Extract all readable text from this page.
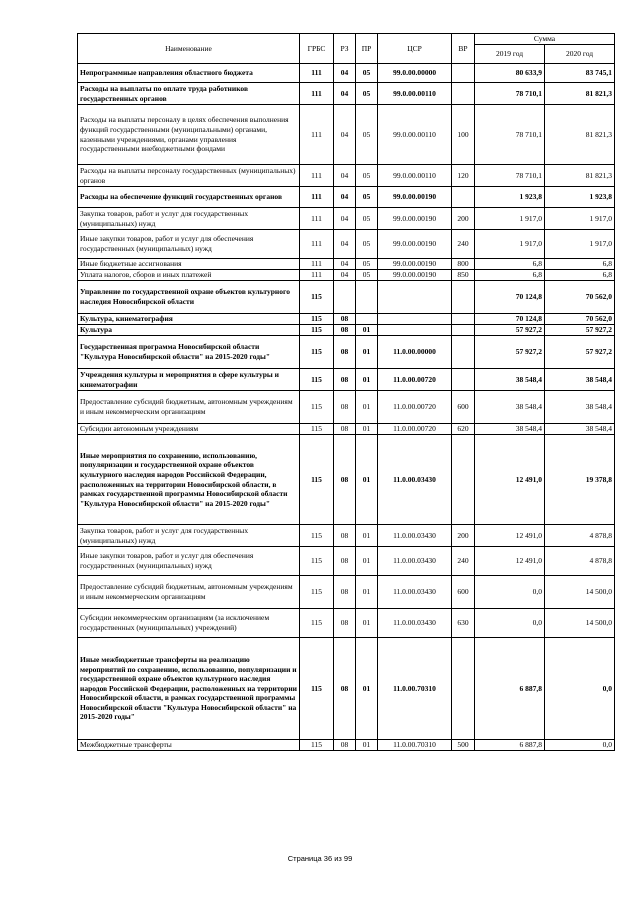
Наименование	ГРБС	РЗ	ПР	ЦСР	ВР	Сумма	
						2019 год	2020 год
Непрограммные направления областного бюджета	111	04	05	99.0.00.00000		80 633,9	83 745,1
Расходы на выплаты по оплате труда работников государственных органов	111	04	05	99.0.00.00110		78 710,1	81 821,3
Расходы на выплаты персоналу в целях обеспечения выполнения функций государственными (муниципальными) органами, казенными учреждениями, органами управления государственными внебюджетными фондами	111	04	05	99.0.00.00110	100	78 710,1	81 821,3
Расходы на выплаты персоналу государственных (муниципальных) органов	111	04	05	99.0.00.00110	120	78 710,1	81 821,3
Расходы на обеспечение функций государственных органов	111	04	05	99.0.00.00190		1 923,8	1 923,8
Закупка товаров, работ и услуг для государственных (муниципальных) нужд	111	04	05	99.0.00.00190	200	1 917,0	1 917,0
Иные закупки товаров, работ и услуг для обеспечения государственных (муниципальных) нужд	111	04	05	99.0.00.00190	240	1 917,0	1 917,0
Иные бюджетные ассигнования	111	04	05	99.0.00.00190	800	6,8	6,8
Уплата налогов, сборов и иных платежей	111	04	05	99.0.00.00190	850	6,8	6,8
Управление по государственной охране объектов культурного наследия Новосибирской области	115					70 124,8	70 562,0
Культура, кинематография	115	08				70 124,8	70 562,0
Культура	115	08	01			57 927,2	57 927,2
Государственная программа Новосибирской области "Культура Новосибирской области" на 2015-2020 годы"	115	08	01	11.0.00.00000		57 927,2	57 927,2
Учреждения культуры и мероприятия в сфере культуры и кинематографии	115	08	01	11.0.00.00720		38 548,4	38 548,4
Предоставление субсидий бюджетным, автономным учреждениям и иным некоммерческим организациям	115	08	01	11.0.00.00720	600	38 548,4	38 548,4
Субсидии автономным учреждениям	115	08	01	11.0.00.00720	620	38 548,4	38 548,4
Иные мероприятия по сохранению, использованию, популяризации и государственной охране объектов культурного наследия народов Российской Федерации, расположенных на территории Новосибирской области, в рамках государственной программы Новосибирской области "Культура Новосибирской области" на 2015-2020 годы"	115	08	01	11.0.00.03430		12 491,0	19 378,8
Закупка товаров, работ и услуг для государственных (муниципальных) нужд	115	08	01	11.0.00.03430	200	12 491,0	4 878,8
Иные закупки товаров, работ и услуг для обеспечения государственных (муниципальных) нужд	115	08	01	11.0.00.03430	240	12 491,0	4 878,8
Предоставление субсидий бюджетным, автономным учреждениям и иным некоммерческим организациям	115	08	01	11.0.00.03430	600	0,0	14 500,0
Субсидии некоммерческим организациям (за исключением государственных (муниципальных) учреждений)	115	08	01	11.0.00.03430	630	0,0	14 500,0
Иные межбюджетные трансферты на реализацию мероприятий по сохранению, использованию, популяризации и государственной охране объектов культурного наследия народов Российской Федерации, расположенных на территории Новосибирской области, в рамках государственной программы Новосибирской области "Культура Новосибирской области" на 2015-2020 годы"	115	08	01	11.0.00.70310		6 887,8	0,0
Межбюджетные трансферты	115	08	01	11.0.00.70310	500	6 887,8	0,0
Страница 36 из 99
